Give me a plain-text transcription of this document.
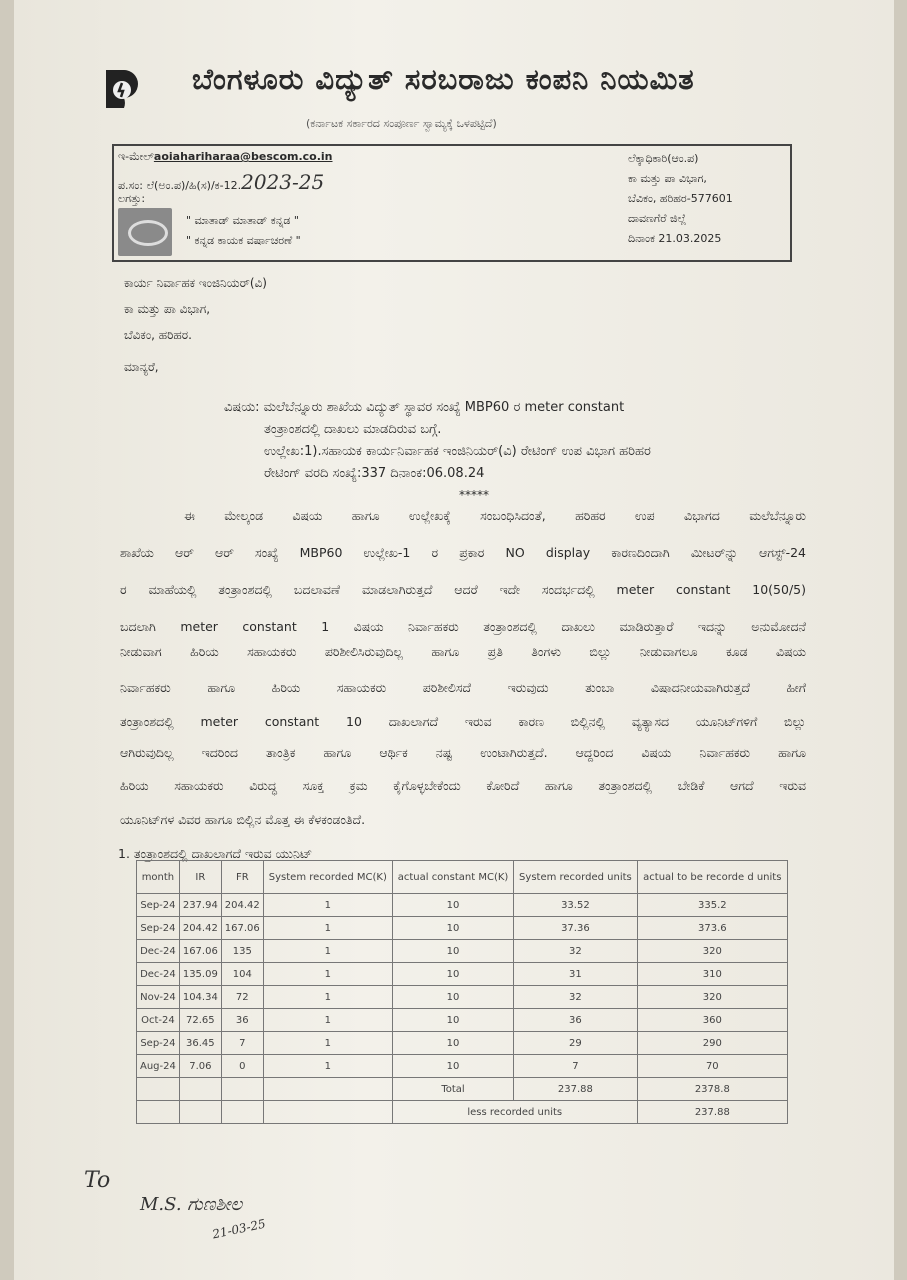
ಬೆಂಗಳೂರು ವಿದ್ಯುತ್ ಸರಬರಾಜು ಕಂಪನಿ ನಿಯಮಿತ
(ಕರ್ನಾಟಕ ಸರ್ಕಾರದ ಸಂಪೂರ್ಣ ಸ್ವಾಮ್ಯಕ್ಕೆ ಒಳಪಟ್ಟಿದೆ)
ಇ-ಮೇಲ್aoiahariharaa@bescom.co.in
ಪ.ಸಂ: ಲೆ(ಅಂ.ಪ)/ಹಿ(ಸ)/ಕ-12.2023-25
ಲಗತ್ತು:
" ಮಾತಾಡ್ ಮಾತಾಡ್ ಕನ್ನಡ "
" ಕನ್ನಡ ಕಾಯಕ ವರ್ಷಾಚರಣೆ "
ಲೆಕ್ಕಾಧಿಕಾರಿ(ಆಂ.ಪ)
ಕಾ ಮತ್ತು ಪಾ ವಿಭಾಗ,
ಬೆವಿಕಂ, ಹರಿಹರ-577601
ದಾವಣಗೆರೆ ಜಿಲ್ಲೆ
ದಿನಾಂಕ 21.03.2025
ಕಾರ್ಯ ನಿರ್ವಾಹಕ ಇಂಜಿನಿಯರ್(ವಿ)
ಕಾ ಮತ್ತು ಪಾ ವಿಭಾಗ,
ಬೆವಿಕಂ, ಹರಿಹರ.
ಮಾನ್ಯರೆ,
ವಿಷಯ: ಮಲೆಬೆನ್ನೂರು ಶಾಖೆಯ ವಿದ್ಯುತ್ ಸ್ಥಾವರ ಸಂಖ್ಯೆ MBP60 ರ meter constant
ತಂತ್ರಾಂಶದಲ್ಲಿ ದಾಖಲು ಮಾಡದಿರುವ ಬಗ್ಗೆ.
ಉಲ್ಲೇಖ:1).ಸಹಾಯಕ ಕಾರ್ಯನಿರ್ವಾಹಕ ಇಂಜಿನಿಯರ್(ವಿ) ರೇಟಿಂಗ್ ಉಪ ವಿಭಾಗ ಹರಿಹರ
ರೇಟಿಂಗ್ ವರದಿ ಸಂಖ್ಯೆ:337 ದಿನಾಂಕ:06.08.24
*****
ಈ ಮೇಲ್ಕಂಡ ವಿಷಯ ಹಾಗೂ ಉಲ್ಲೇಖಕ್ಕೆ ಸಂಬಂಧಿಸಿದಂತೆ, ಹರಿಹರ ಉಪ ವಿಭಾಗದ ಮಲೆಬೆನ್ನೂರು
ಶಾಖೆಯ ಆರ್ ಆರ್ ಸಂಖ್ಯೆ MBP60 ಉಲ್ಲೇಖ-1 ರ ಪ್ರಕಾರ NO display ಕಾರಣದಿಂದಾಗಿ ಮೀಟರ್‌ನ್ನು ಆಗಸ್ಟ್-24
ರ ಮಾಹೆಯಲ್ಲಿ ತಂತ್ರಾಂಶದಲ್ಲಿ ಬದಲಾವಣೆ ಮಾಡಲಾಗಿರುತ್ತದೆ ಆದರೆ ಇದೇ ಸಂದರ್ಭದಲ್ಲಿ meter constant 10(50/5)
ಬದಲಾಗಿ meter constant 1 ವಿಷಯ ನಿರ್ವಾಹಕರು ತಂತ್ರಾಂಶದಲ್ಲಿ ದಾಖಲು ಮಾಡಿರುತ್ತಾರೆ ಇದನ್ನು ಅನುಮೋದನೆ
ನೀಡುವಾಗ ಹಿರಿಯ ಸಹಾಯಕರು ಪರಿಶೀಲಿಸಿರುವುದಿಲ್ಲ ಹಾಗೂ ಪ್ರತಿ ತಿಂಗಳು ಬಿಲ್ಲು ನೀಡುವಾಗಲೂ ಕೂಡ ವಿಷಯ
ನಿರ್ವಾಹಕರು ಹಾಗೂ ಹಿರಿಯ ಸಹಾಯಕರು ಪರಿಶೀಲಿಸದೆ ಇರುವುದು ತುಂಬಾ ವಿಷಾದನೀಯವಾಗಿರುತ್ತದೆ ಹೀಗೆ
ತಂತ್ರಾಂಶದಲ್ಲಿ meter constant 10 ದಾಖಲಾಗದೆ ಇರುವ ಕಾರಣ ಬಿಲ್ಲಿನಲ್ಲಿ ವ್ಯತ್ಯಾಸದ ಯೂನಿಟ್‌ಗಳಿಗೆ ಬಿಲ್ಲು
ಆಗಿರುವುದಿಲ್ಲ ಇದರಿಂದ ತಾಂತ್ರಿಕ ಹಾಗೂ ಆರ್ಥಿಕ ನಷ್ಟ ಉಂಟಾಗಿರುತ್ತದೆ. ಆದ್ದರಿಂದ ವಿಷಯ ನಿರ್ವಾಹಕರು ಹಾಗೂ
ಹಿರಿಯ ಸಹಾಯಕರು ವಿರುದ್ಧ ಸೂಕ್ತ ಕ್ರಮ ಕೈಗೊಳ್ಳಬೇಕೆಂದು ಕೋರಿದೆ ಹಾಗೂ ತಂತ್ರಾಂಶದಲ್ಲಿ ಬೇಡಿಕೆ ಆಗದೆ ಇರುವ
ಯೂನಿಟ್‌ಗಳ ವಿವರ ಹಾಗೂ ಬಿಲ್ಲಿನ ಮೊತ್ತ ಈ ಕೆಳಕಂಡಂತಿದೆ.
1. ತಂತ್ರಾಂಶದಲ್ಲಿ ದಾಖಲಾಗದೆ ಇರುವ ಯುನಿಟ್
month	IR	FR	System recorded MC(K)	actual constant MC(K)	System recorded units	actual to be recorde d units
Sep-24	237.94	204.42	1	10	33.52	335.2
Sep-24	204.42	167.06	1	10	37.36	373.6
Dec-24	167.06	135	1	10	32	320
Dec-24	135.09	104	1	10	31	310
Nov-24	104.34	72	1	10	32	320
Oct-24	72.65	36	1	10	36	360
Sep-24	36.45	7	1	10	29	290
Aug-24	7.06	0	1	10	7	70
				Total	237.88	2378.8
				less recorded units		237.88
To
M.S. ಗುಣಶೀಲ
21-03-25
